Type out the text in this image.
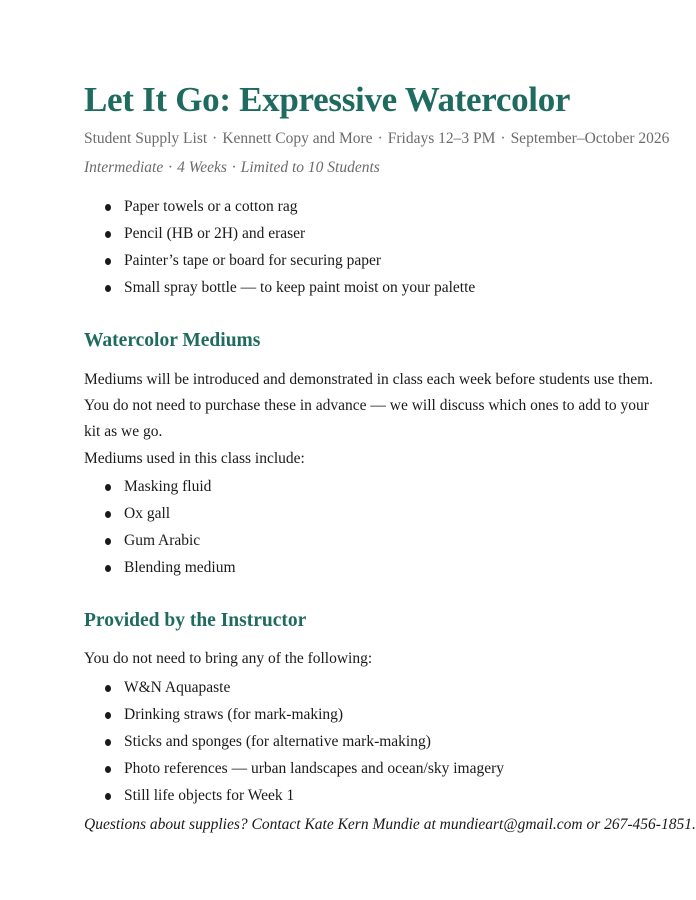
Let It Go: Expressive Watercolor
Student Supply List · Kennett Copy and More · Fridays 12–3 PM · September–October 2026
Intermediate · 4 Weeks · Limited to 10 Students
Paper towels or a cotton rag
Pencil (HB or 2H) and eraser
Painter’s tape or board for securing paper
Small spray bottle — to keep paint moist on your palette
Watercolor Mediums

Mediums will be introduced and demonstrated in class each week before students use them. You do not need to purchase these in advance — we will discuss which ones to add to your kit as we go.

Mediums used in this class include:

Masking fluid
Ox gall
Gum Arabic
Blending medium
Provided by the Instructor

You do not need to bring any of the following:

W&N Aquapaste
Drinking straws (for mark-making)
Sticks and sponges (for alternative mark-making)
Photo references — urban landscapes and ocean/sky imagery
Still life objects for Week 1

Questions about supplies? Contact Kate Kern Mundie at mundieart@gmail.com or 267-456-1851.
